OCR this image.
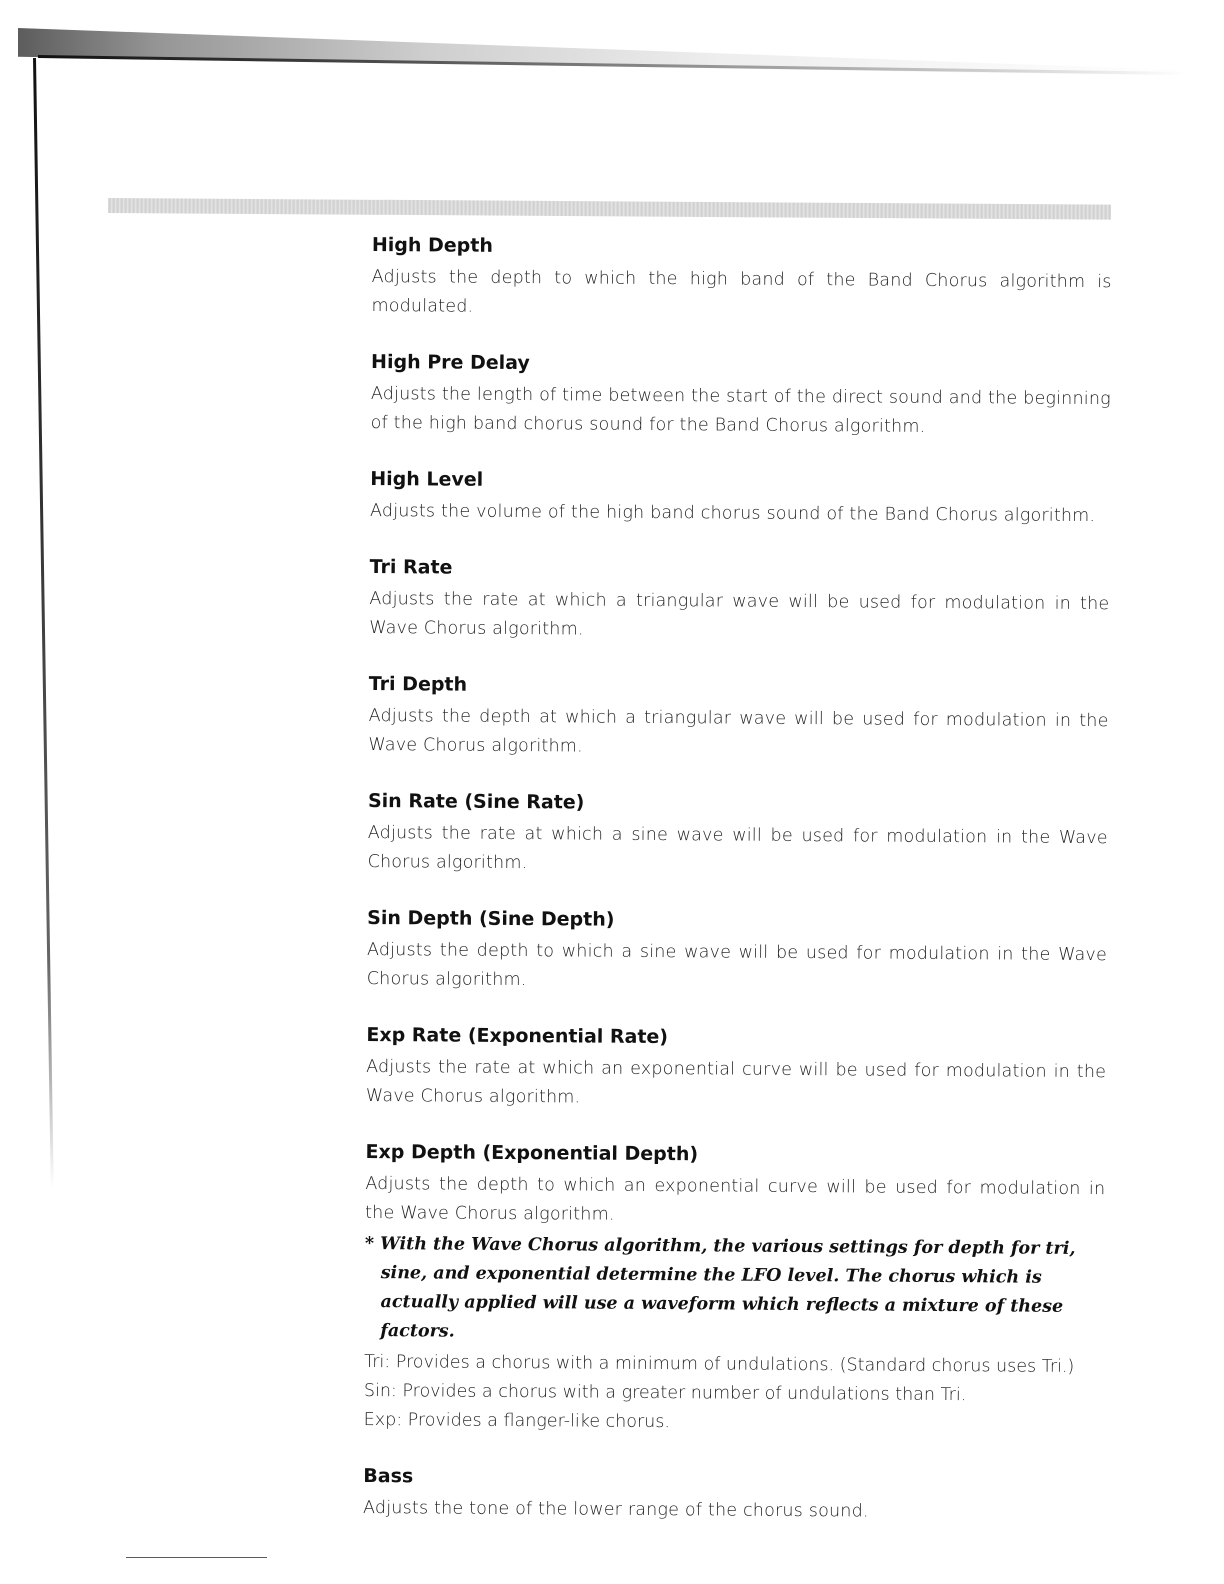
High Depth

Adjusts the depth to which the high band of the Band Chorus algorithm is modulated.

High Pre Delay

Adjusts the length of time between the start of the direct sound and the beginning of the high band chorus sound for the Band Chorus algorithm.

High Level

Adjusts the volume of the high band chorus sound of the Band Chorus algorithm.

Tri Rate

Adjusts the rate at which a triangular wave will be used for modulation in the Wave Chorus algorithm.

Tri Depth

Adjusts the depth at which a triangular wave will be used for modulation in the Wave Chorus algorithm.

Sin Rate (Sine Rate)

Adjusts the rate at which a sine wave will be used for modulation in the Wave Chorus algorithm.

Sin Depth (Sine Depth)

Adjusts the depth to which a sine wave will be used for modulation in the Wave Chorus algorithm.

Exp Rate (Exponential Rate)

Adjusts the rate at which an exponential curve will be used for modulation in the Wave Chorus algorithm.

Exp Depth (Exponential Depth)

Adjusts the depth to which an exponential curve will be used for modulation in the Wave Chorus algorithm.

* With the Wave Chorus algorithm, the various settings for depth for tri, sine, and exponential determine the LFO level. The chorus which is actually applied will use a waveform which reflects a mixture of these factors.

Tri: Provides a chorus with a minimum of undulations. (Standard chorus uses Tri.)

Sin: Provides a chorus with a greater number of undulations than Tri.

Exp: Provides a flanger-like chorus.

Bass

Adjusts the tone of the lower range of the chorus sound.
